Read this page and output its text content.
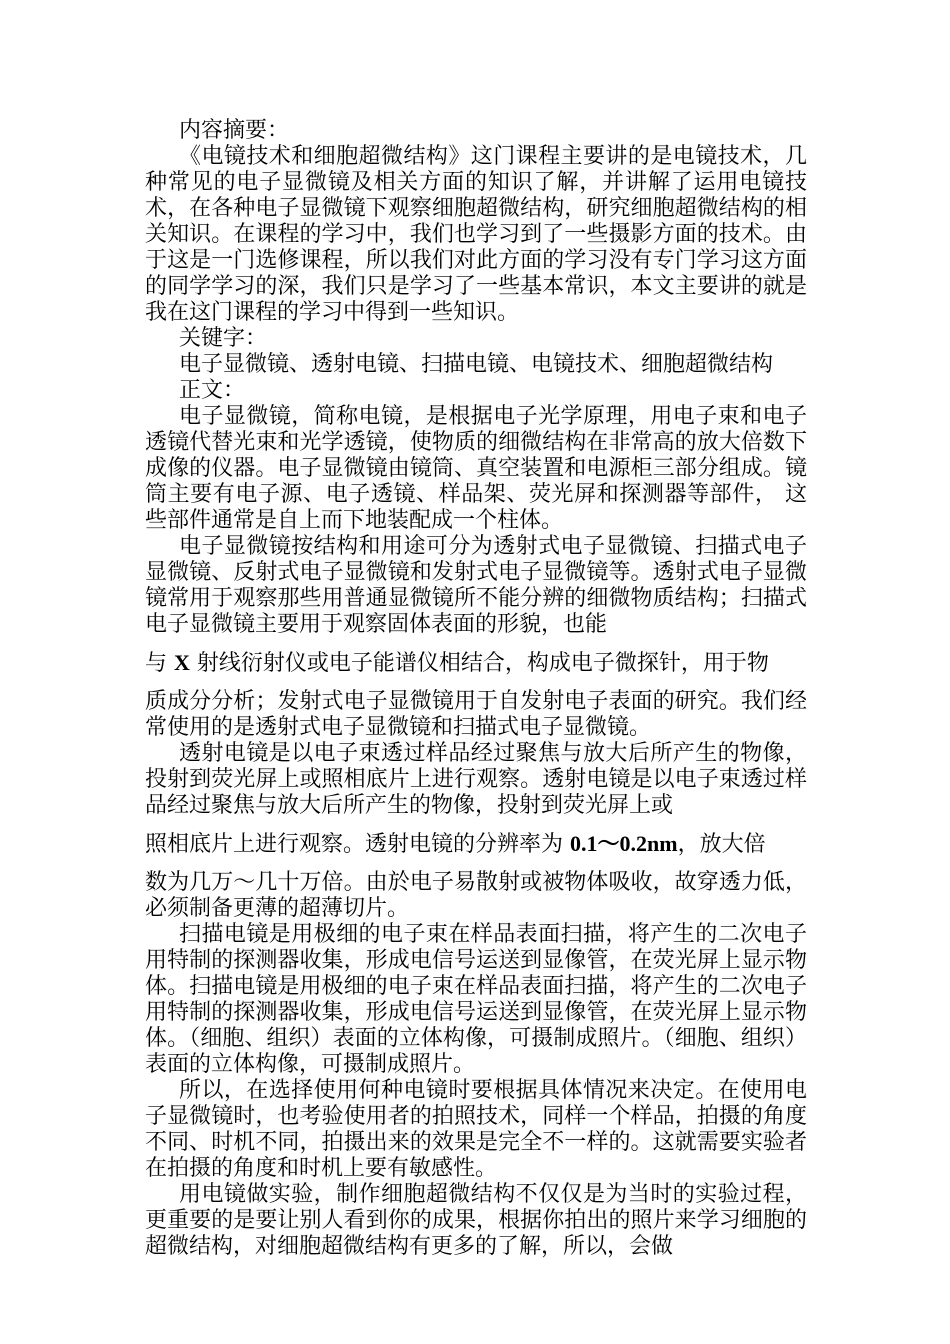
内容摘要：

《电镜技术和细胞超微结构》这门课程主要讲的是电镜技术，几种常见的电子显微镜及相关方面的知识了解，并讲解了运用电镜技术，在各种电子显微镜下观察细胞超微结构，研究细胞超微结构的相关知识。在课程的学习中，我们也学习到了一些摄影方面的技术。由于这是一门选修课程，所以我们对此方面的学习没有专门学习这方面的同学学习的深，我们只是学习了一些基本常识，本文主要讲的就是我在这门课程的学习中得到一些知识。

关键字：

电子显微镜、透射电镜、扫描电镜、电镜技术、细胞超微结构

正文：

电子显微镜，简称电镜，是根据电子光学原理，用电子束和电子透镜代替光束和光学透镜，使物质的细微结构在非常高的放大倍数下成像的仪器。电子显微镜由镜筒、真空装置和电源柜三部分组成。镜筒主要有电子源、电子透镜、样品架、荧光屏和探测器等部件， 这些部件通常是自上而下地装配成一个柱体。

电子显微镜按结构和用途可分为透射式电子显微镜、扫描式电子显微镜、反射式电子显微镜和发射式电子显微镜等。透射式电子显微镜常用于观察那些用普通显微镜所不能分辨的细微物质结构；扫描式电子显微镜主要用于观察固体表面的形貌，也能

与 X 射线衍射仪或电子能谱仪相结合，构成电子微探针，用于物

质成分分析；发射式电子显微镜用于自发射电子表面的研究。我们经常使用的是透射式电子显微镜和扫描式电子显微镜。

透射电镜是以电子束透过样品经过聚焦与放大后所产生的物像，投射到荧光屏上或照相底片上进行观察。透射电镜是以电子束透过样品经过聚焦与放大后所产生的物像，投射到荧光屏上或

照相底片上进行观察。透射电镜的分辨率为 0.1～0.2nm，放大倍

数为几万～几十万倍。由於电子易散射或被物体吸收，故穿透力低，必须制备更薄的超薄切片。

扫描电镜是用极细的电子束在样品表面扫描，将产生的二次电子用特制的探测器收集，形成电信号运送到显像管，在荧光屏上显示物体。扫描电镜是用极细的电子束在样品表面扫描，将产生的二次电子用特制的探测器收集，形成电信号运送到显像管，在荧光屏上显示物体。（细胞、组织）表面的立体构像，可摄制成照片。（细胞、组织）表面的立体构像，可摄制成照片。

所以，在选择使用何种电镜时要根据具体情况来决定。在使用电子显微镜时，也考验使用者的拍照技术，同样一个样品，拍摄的角度不同、时机不同，拍摄出来的效果是完全不一样的。这就需要实验者在拍摄的角度和时机上要有敏感性。

用电镜做实验，制作细胞超微结构不仅仅是为当时的实验过程，更重要的是要让别人看到你的成果，根据你拍出的照片来学习细胞的超微结构，对细胞超微结构有更多的了解，所以，会做
